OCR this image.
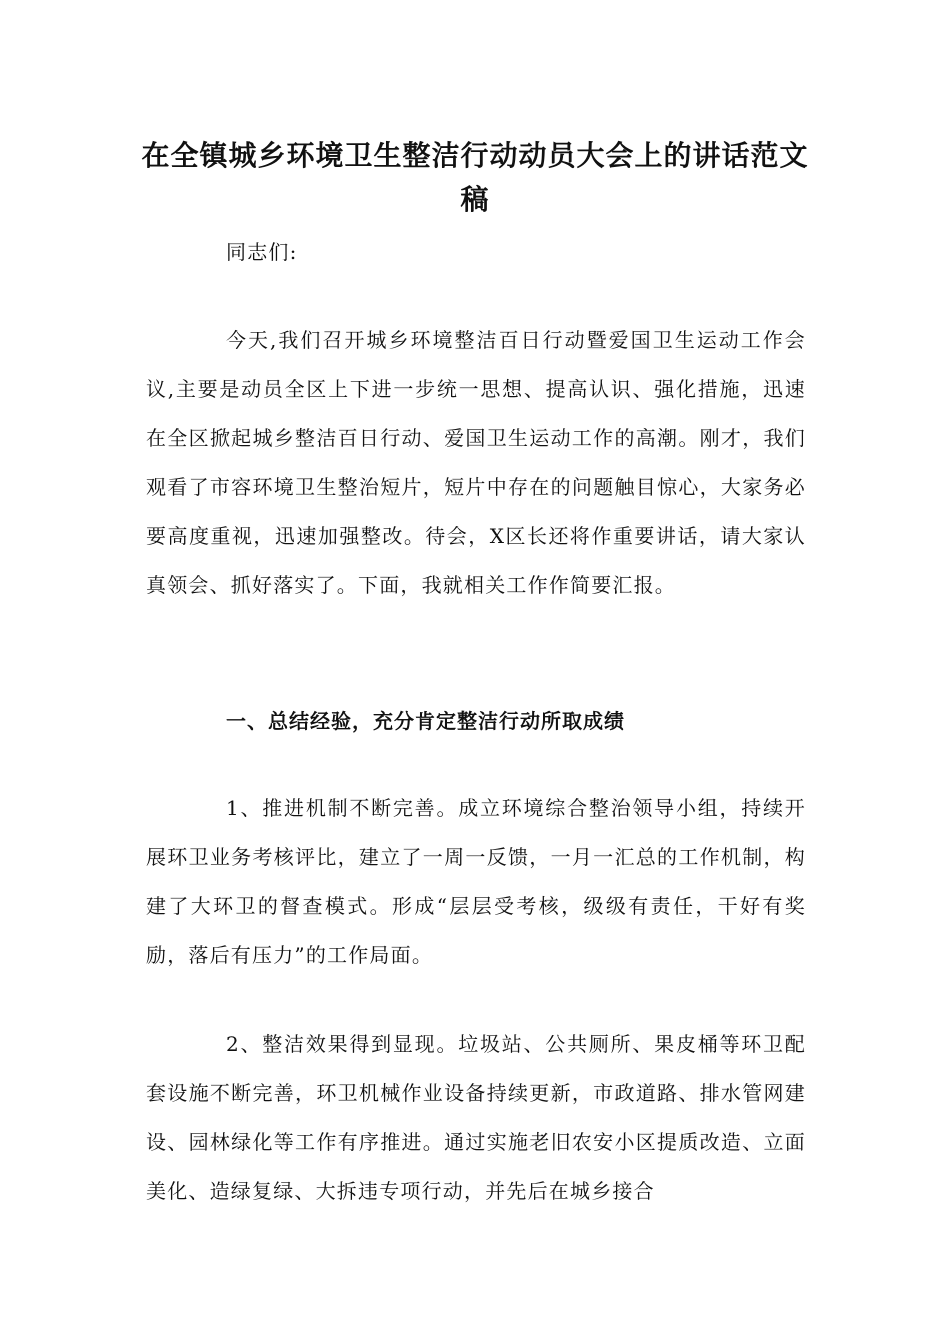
在全镇城乡环境卫生整洁行动动员大会上的讲话范文稿
同志们:

今天,我们召开城乡环境整洁百日行动暨爱国卫生运动工作会议,主要是动员全区上下进一步统一思想、提高认识、强化措施，迅速在全区掀起城乡整洁百日行动、爱国卫生运动工作的高潮。刚才，我们观看了市容环境卫生整治短片，短片中存在的问题触目惊心，大家务必要高度重视，迅速加强整改。待会，X区长还将作重要讲话，请大家认真领会、抓好落实了。下面，我就相关工作作简要汇报。

一、总结经验，充分肯定整洁行动所取成绩

1、推进机制不断完善。成立环境综合整治领导小组，持续开展环卫业务考核评比，建立了一周一反馈，一月一汇总的工作机制，构建了大环卫的督查模式。形成“层层受考核，级级有责任，干好有奖励，落后有压力”的工作局面。

2、整洁效果得到显现。垃圾站、公共厕所、果皮桶等环卫配套设施不断完善，环卫机械作业设备持续更新，市政道路、排水管网建设、园林绿化等工作有序推进。通过实施老旧农安小区提质改造、立面美化、造绿复绿、大拆违专项行动，并先后在城乡接合
